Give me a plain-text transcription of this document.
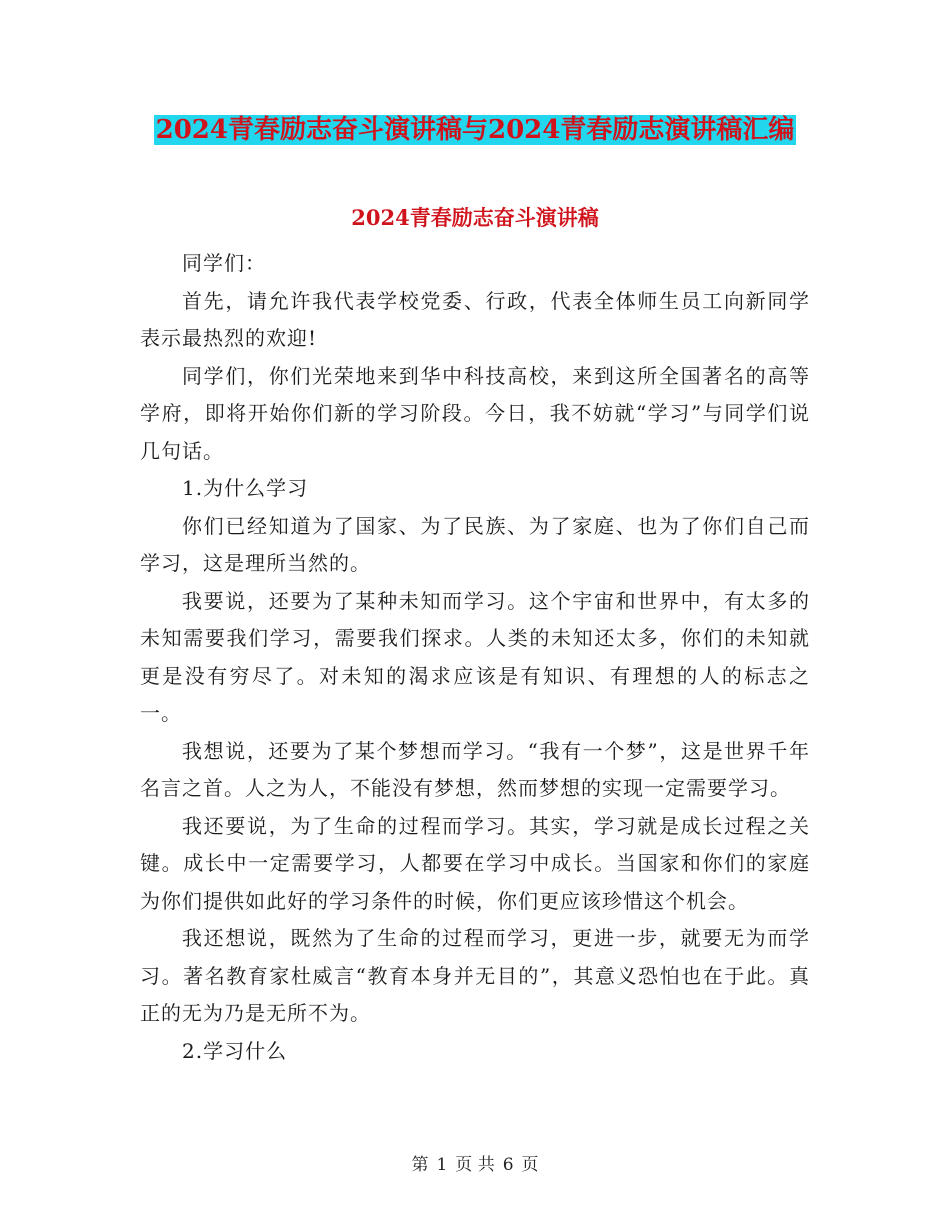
2024青春励志奋斗演讲稿与2024青春励志演讲稿汇编
2024青春励志奋斗演讲稿

同学们：

首先，请允许我代表学校党委、行政，代表全体师生员工向新同学表示最热烈的欢迎!

同学们，你们光荣地来到华中科技高校，来到这所全国著名的高等学府，即将开始你们新的学习阶段。今日，我不妨就“学习”与同学们说几句话。

1.为什么学习

你们已经知道为了国家、为了民族、为了家庭、也为了你们自己而学习，这是理所当然的。

我要说，还要为了某种未知而学习。这个宇宙和世界中，有太多的未知需要我们学习，需要我们探求。人类的未知还太多，你们的未知就更是没有穷尽了。对未知的渴求应该是有知识、有理想的人的标志之一。

我想说，还要为了某个梦想而学习。“我有一个梦”，这是世界千年名言之首。人之为人，不能没有梦想，然而梦想的实现一定需要学习。

我还要说，为了生命的过程而学习。其实，学习就是成长过程之关键。成长中一定需要学习，人都要在学习中成长。当国家和你们的家庭为你们提供如此好的学习条件的时候，你们更应该珍惜这个机会。

我还想说，既然为了生命的过程而学习，更进一步，就要无为而学习。著名教育家杜威言“教育本身并无目的”，其意义恐怕也在于此。真正的无为乃是无所不为。

2.学习什么

第 1 页 共 6 页
